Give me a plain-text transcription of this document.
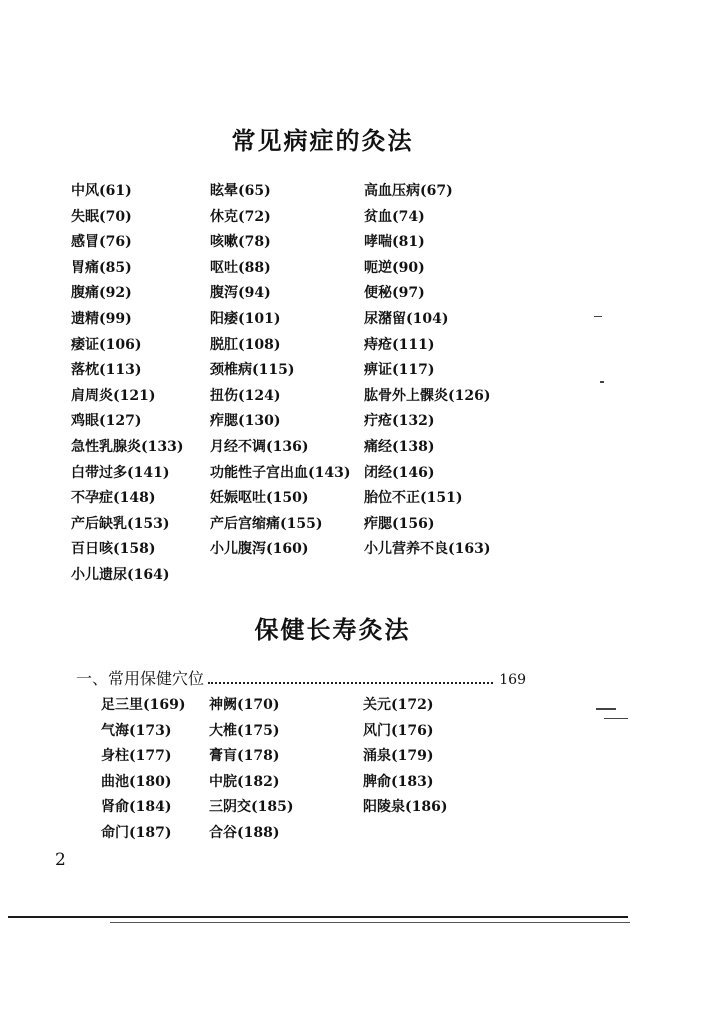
常见病症的灸法
中风(61)	眩晕(65)	高血压病(67)
失眠(70)	休克(72)	贫血(74)
感冒(76)	咳嗽(78)	哮喘(81)
胃痛(85)	呕吐(88)	呃逆(90)
腹痛(92)	腹泻(94)	便秘(97)
遗精(99)	阳痿(101)	尿潴留(104)
痿证(106)	脱肛(108)	痔疮(111)
落枕(113)	颈椎病(115)	痹证(117)
肩周炎(121)	扭伤(124)	肱骨外上髁炎(126)
鸡眼(127)	痄腮(130)	疔疮(132)
急性乳腺炎(133) 月经不调(136)	痛经(138)
白带过多(141)	功能性子宫出血(143) 闭经(146)
不孕症(148)	妊娠呕吐(150)	胎位不正(151)
产后缺乳(153)	产后宫缩痛(155)	痄腮(156)
百日咳(158)	小儿腹泻(160)	小儿营养不良(163)
小儿遗尿(164)
保健长寿灸法
一、常用保健穴位	169
足三里(169) 神阙(170)	关元(172)
气海(173)	大椎(175)	风门(176)
身柱(177)	膏肓(178)	涌泉(179)
曲池(180)	中脘(182)	脾俞(183)
肾俞(184)	三阴交(185)	阳陵泉(186)
命门(187)	合谷(188)
2
